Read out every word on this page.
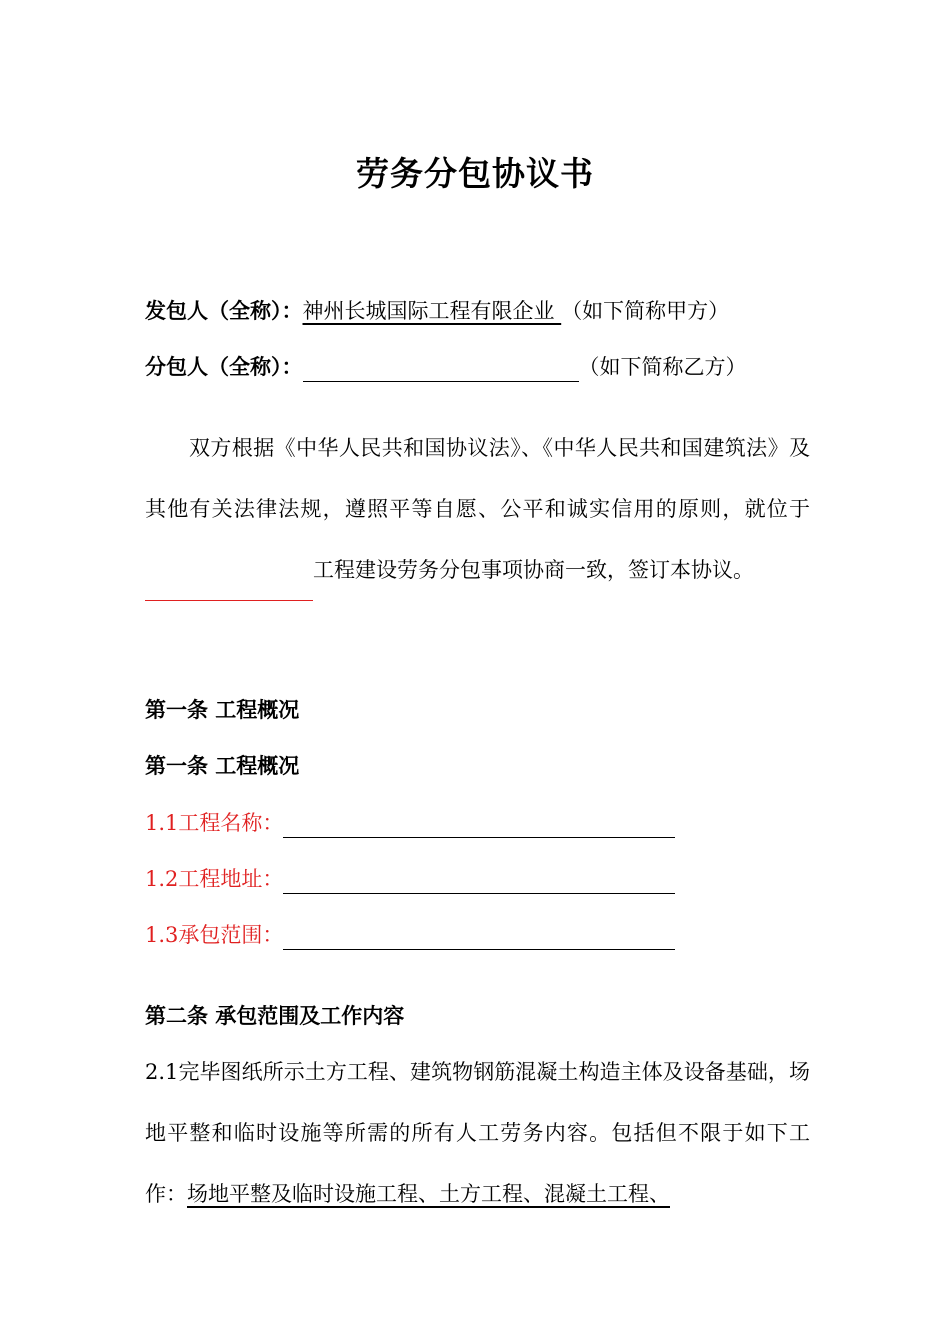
劳务分包协议书
发包人（全称）：神州长城国际工程有限企业 （如下简称甲方）
分包人（全称）：	（如下简称乙方）

双方根据《中华人民共和国协议法》、《中华人民共和国建筑法》及其他有关法律法规，遵照平等自愿、公平和诚实信用的原则，就位于工程建设劳务分包事项协商一致，签订本协议。

第一条 工程概况
第一条 工程概况
1.1工程名称：
1.2工程地址：
1.3承包范围：
第二条 承包范围及工作内容

2.1完毕图纸所示土方工程、建筑物钢筋混凝土构造主体及设备基础，场地平整和临时设施等所需的所有人工劳务内容。包括但不限于如下工作：场地平整及临时设施工程、土方工程、混凝土工程、
